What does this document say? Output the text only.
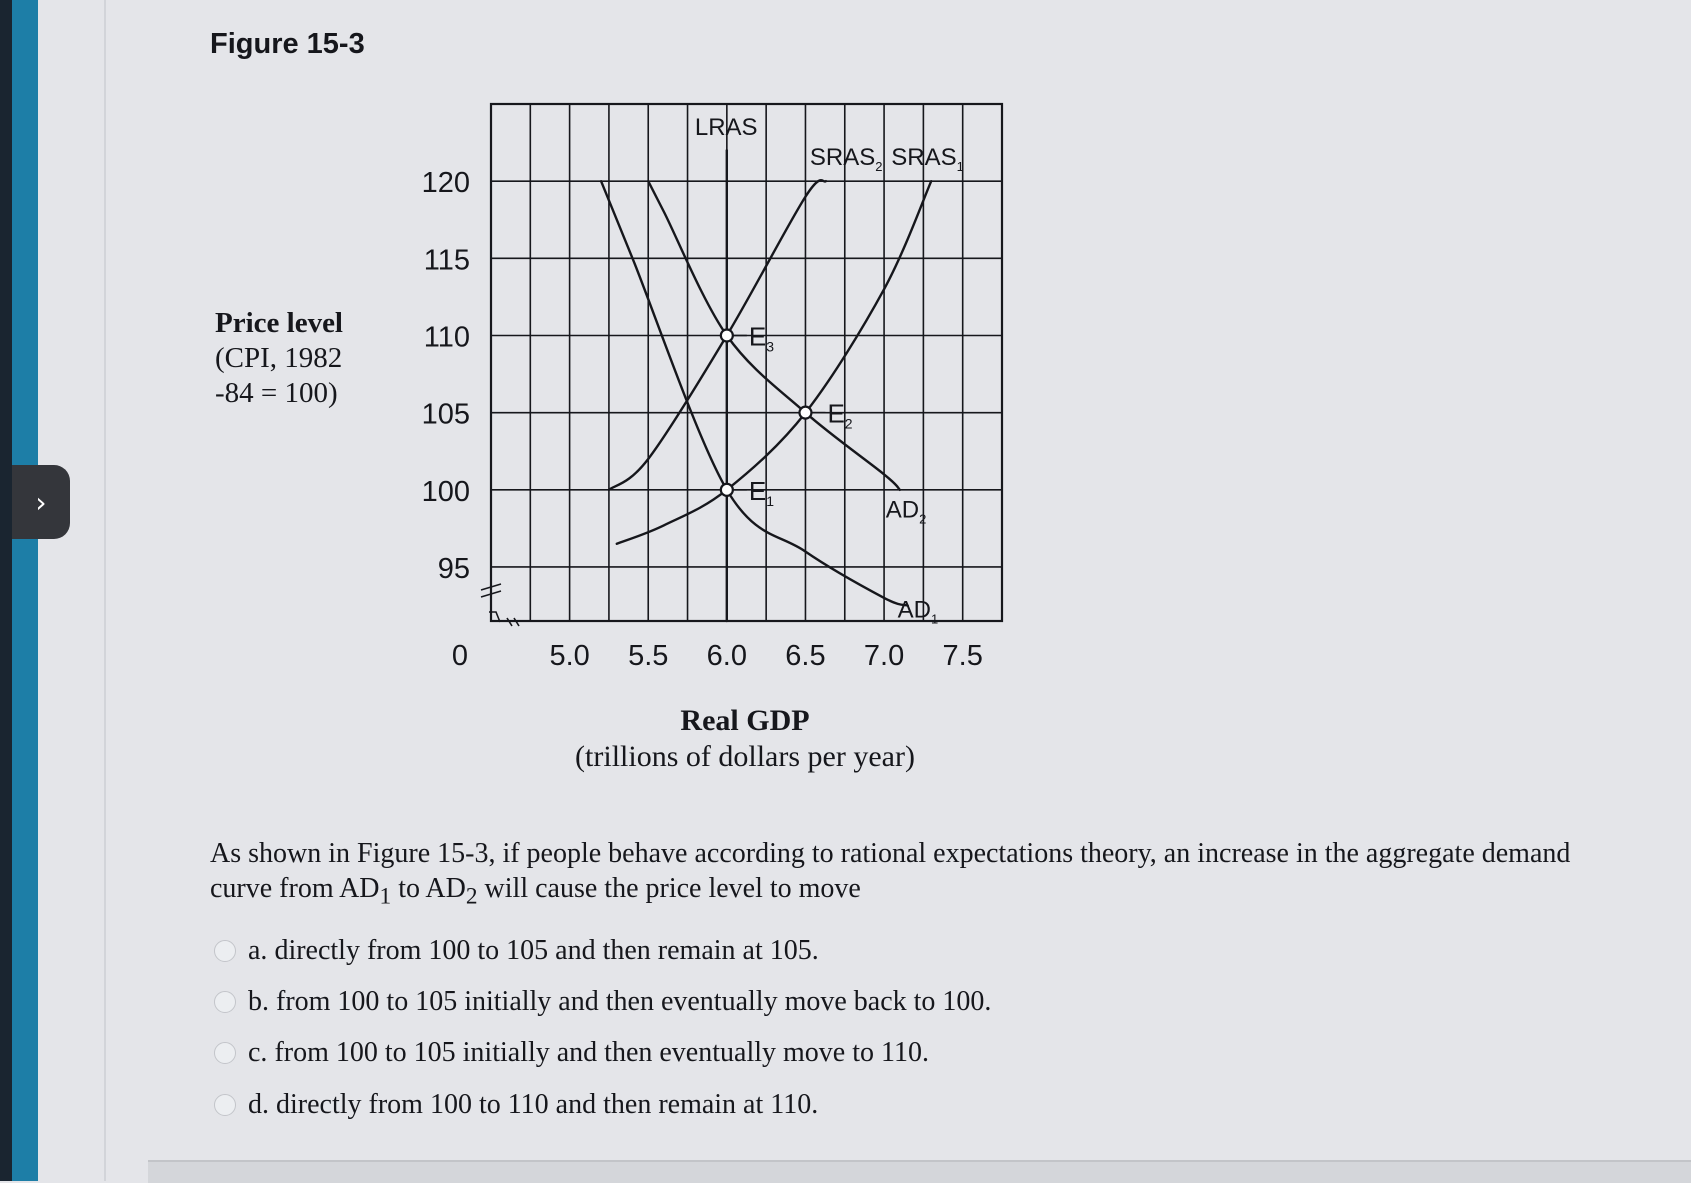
›
Figure 15-3
95
100
105
110
115
120
5.0 5.5 6.0 6.5 7.0 7.5
0
$E_1$
$E_2$
$E_3$
LRAS
$SRAS_2$ $SRAS_1$
$AD_2$
$AD_1$
Price level
(CPI, 1982
-84 = 100)
Real GDP
(trillions of dollars per year)
As shown in Figure 15-3, if people behave according to rational expectations theory, an increase in the aggregate demand curve from $AD_1$ to $AD_2$ will cause the price level to move
a.
directly from 100 to 105 and then remain at 105.
b.
from 100 to 105 initially and then eventually move back to 100.
c.
from 100 to 105 initially and then eventually move to 110.
d.
directly from 100 to 110 and then remain at 110.
